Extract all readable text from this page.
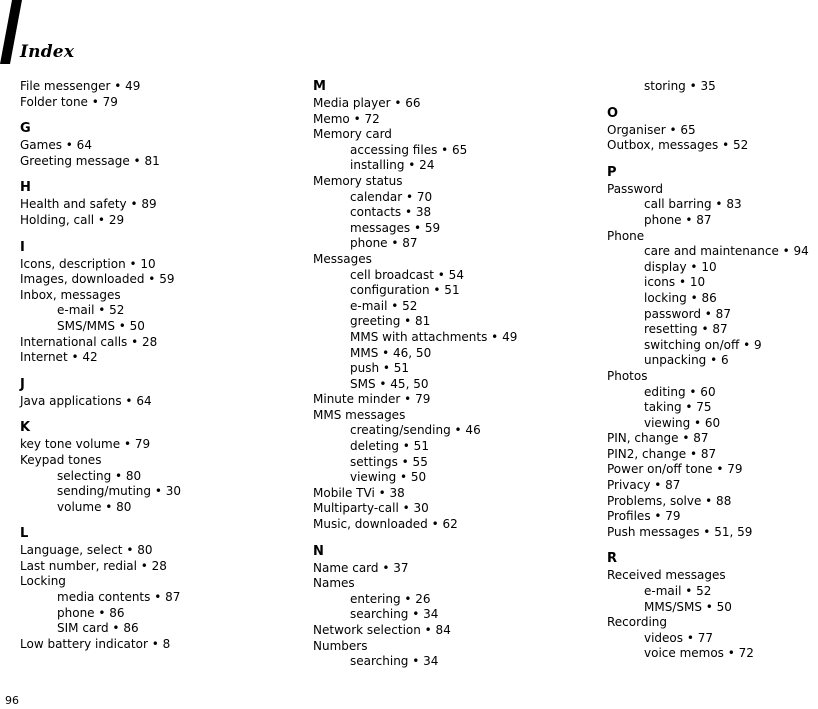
Index
File messenger • 49
Folder tone • 79
G
Games • 64
Greeting message • 81
H
Health and safety • 89
Holding, call • 29
I
Icons, description • 10
Images, downloaded • 59
Inbox, messages
e-mail • 52
SMS/MMS • 50
International calls • 28
Internet • 42
J
Java applications • 64
K
key tone volume • 79
Keypad tones
selecting • 80
sending/muting • 30
volume • 80
L
Language, select • 80
Last number, redial • 28
Locking
media contents • 87
phone • 86
SIM card • 86
Low battery indicator • 8
M
Media player • 66
Memo • 72
Memory card
accessing files • 65
installing • 24
Memory status
calendar • 70
contacts • 38
messages • 59
phone • 87
Messages
cell broadcast • 54
configuration • 51
e-mail • 52
greeting • 81
MMS with attachments • 49
MMS • 46, 50
push • 51
SMS • 45, 50
Minute minder • 79
MMS messages
creating/sending • 46
deleting • 51
settings • 55
viewing • 50
Mobile TVi • 38
Multiparty-call • 30
Music, downloaded • 62
N
Name card • 37
Names
entering • 26
searching • 34
Network selection • 84
Numbers
searching • 34
storing • 35
O
Organiser • 65
Outbox, messages • 52
P
Password
call barring • 83
phone • 87
Phone
care and maintenance • 94
display • 10
icons • 10
locking • 86
password • 87
resetting • 87
switching on/off • 9
unpacking • 6
Photos
editing • 60
taking • 75
viewing • 60
PIN, change • 87
PIN2, change • 87
Power on/off tone • 79
Privacy • 87
Problems, solve • 88
Profiles • 79
Push messages • 51, 59
R
Received messages
e-mail • 52
MMS/SMS • 50
Recording
videos • 77
voice memos • 72
96
